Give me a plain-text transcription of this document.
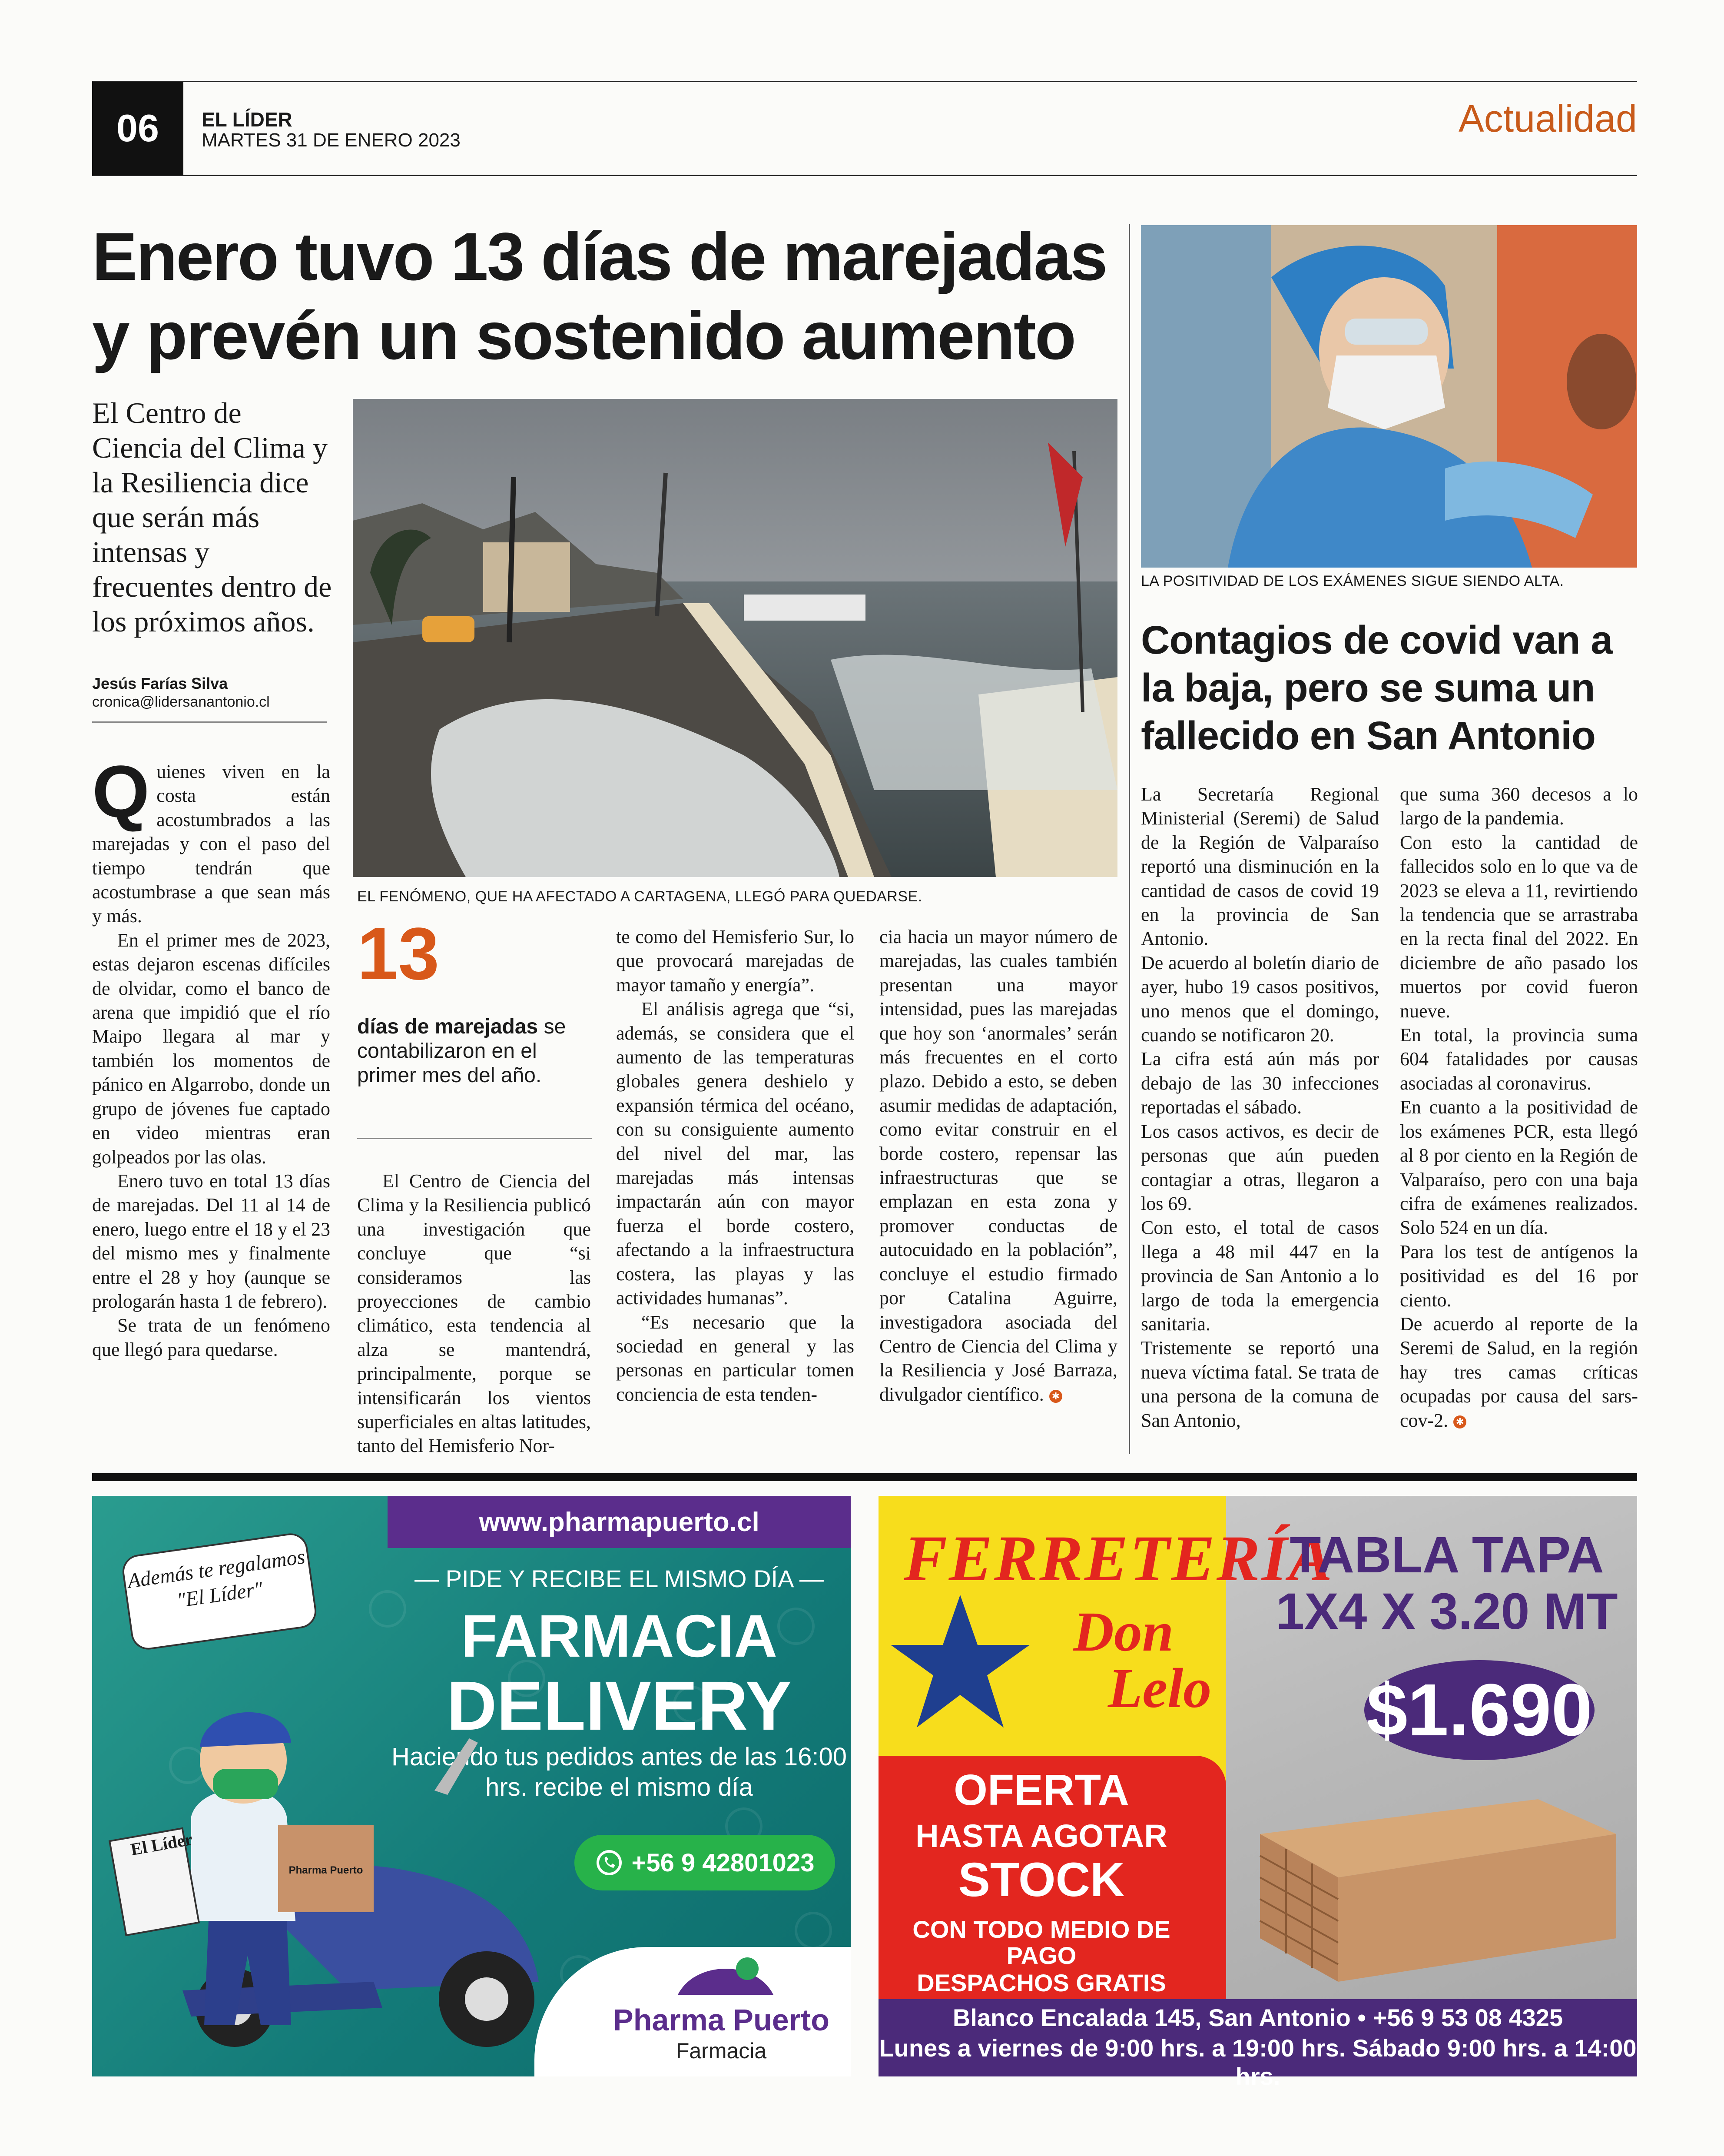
06	EL LÍDER
MARTES 31 DE ENERO 2023
Actualidad
Enero tuvo 13 días de marejadas y prevén un sostenido aumento
El Centro de Ciencia del Clima y la Resiliencia dice que serán más intensas y frecuentes dentro de los próximos años.
Jesús Farías Silva
cronica@lidersanantonio.cl
EL FENÓMENO, QUE HA AFECTADO A CARTAGENA, LLEGÓ PARA QUEDARSE.
Q uienes viven en la costa están acostumbrados a las marejadas y con el paso del tiempo tendrán que acostumbrase a que sean más y más.

En el primer mes de 2023, estas dejaron escenas difíciles de olvidar, como el banco de arena que impidió que el río Maipo llegara al mar y también los momentos de pánico en Algarrobo, donde un grupo de jóvenes fue captado en video mientras eran golpeados por las olas.

Enero tuvo en total 13 días de marejadas. Del 11 al 14 de enero, luego entre el 18 y el 23 del mismo mes y finalmente entre el 28 y hoy (aunque se prologarán hasta 1 de febrero).

Se trata de un fenómeno que llegó para quedarse.

13
días de marejadas se contabilizaron en el primer mes del año.

El Centro de Ciencia del Clima y la Resiliencia publicó una investigación que concluye que “si consideramos las proyecciones de cambio climático, esta tendencia al alza se mantendrá, principalmente, porque se intensificarán los vientos superficiales en altas latitudes, tanto del Hemisferio Nor-

te como del Hemisferio Sur, lo que provocará marejadas de mayor tamaño y energía”.

El análisis agrega que “si, además, se considera que el aumento de las temperaturas globales genera deshielo y expansión térmica del océano, con su consiguiente aumento del nivel del mar, las marejadas más intensas impactarán aún con mayor fuerza el borde costero, afectando a la infraestructura costera, las playas y las actividades humanas”.

“Es necesario que la sociedad en general y las personas en particular tomen conciencia de esta tenden-

cia hacia un mayor número de marejadas, las cuales también presentan una mayor intensidad, pues las marejadas que hoy son ‘anormales’ serán más frecuentes en el corto plazo. Debido a esto, se deben asumir medidas de adaptación, como evitar construir en el borde costero, repensar las infraestructuras que se emplazan en esta zona y promover conductas de autocuidado en la población”, concluye el estudio firmado por Catalina Aguirre, investigadora asociada del Centro de Ciencia del Clima y la Resiliencia y José Barraza, divulgador científico. ✱

LA POSITIVIDAD DE LOS EXÁMENES SIGUE SIENDO ALTA.
Contagios de covid van a la baja, pero se suma un fallecido en San Antonio

La Secretaría Regional Ministerial (Seremi) de Salud de la Región de Valparaíso reportó una disminución en la cantidad de casos de covid 19 en la provincia de San Antonio.

De acuerdo al boletín diario de ayer, hubo 19 casos positivos, uno menos que el domingo, cuando se notificaron 20.

La cifra está aún más por debajo de las 30 infecciones reportadas el sábado.

Los casos activos, es decir de personas que aún pueden contagiar a otras, llegaron a los 69.

Con esto, el total de casos llega a 48 mil 447 en la provincia de San Antonio a lo largo de toda la emergencia sanitaria.

Tristemente se reportó una nueva víctima fatal. Se trata de una persona de la comuna de San Antonio,

que suma 360 decesos a lo largo de la pandemia.

Con esto la cantidad de fallecidos solo en lo que va de 2023 se eleva a 11, revirtiendo la tendencia que se arrastraba en la recta final del 2022. En diciembre de año pasado los muertos por covid fueron nueve.

En total, la provincia suma 604 fatalidades por causas asociadas al coronavirus.

En cuanto a la positividad de los exámenes PCR, esta llegó al 8 por ciento en la Región de Valparaíso, pero con una baja cifra de exámenes realizados. Solo 524 en un día.

Para los test de antígenos la positividad es del 16 por ciento.

De acuerdo al reporte de la Seremi de Salud, en la región hay tres camas críticas ocupadas por causa del sars-cov-2. ✱

www.pharmapuerto.cl
Además te regalamos "El Líder"	— PIDE Y RECIBE EL MISMO DÍA —
FARMACIA
DELIVERY
Haciendo tus pedidos antes de las 16:00 hrs. recibe el mismo día
+56 9 42801023
El Líder
Pharma Puerto
Pharma Puerto
Farmacia
FERRETERÍA
Don
Lelo
OFERTA
HASTA AGOTAR
STOCK
CON TODO MEDIO DE PAGO
DESPACHOS GRATIS
TABLA TAPA
1X4 X 3.20 MT
$1.690
Blanco Encalada 145, San Antonio • +56 9 53 08 4325
Lunes a viernes de 9:00 hrs. a 19:00 hrs. Sábado 9:00 hrs. a 14:00 hrs.
